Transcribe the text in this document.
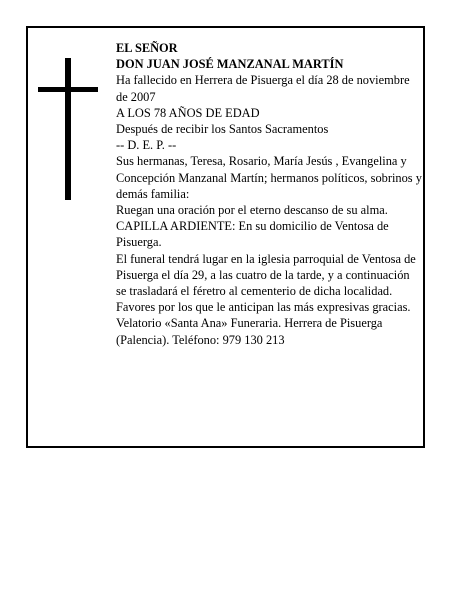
EL SEÑOR

DON JUAN JOSÉ MANZANAL MARTÍN

Ha fallecido en Herrera de Pisuerga el día 28 de noviembre de 2007

A LOS 78 AÑOS DE EDAD

Después de recibir los Santos Sacramentos

-- D. E. P. --

Sus hermanas, Teresa, Rosario, María Jesús , Evangelina y Concepción Manzanal Martín; hermanos políticos, sobrinos y demás familia:

Ruegan una oración por el eterno descanso de su alma.

CAPILLA ARDIENTE: En su domicilio de Ventosa de Pisuerga.

El funeral tendrá lugar en la iglesia parroquial de Ventosa de Pisuerga el día 29, a las cuatro de la tarde, y a continuación se trasladará el féretro al cementerio de dicha localidad.

Favores por los que le anticipan las más expresivas gracias.

Velatorio «Santa Ana» Funeraria. Herrera de Pisuerga (Palencia). Teléfono: 979 130 213
